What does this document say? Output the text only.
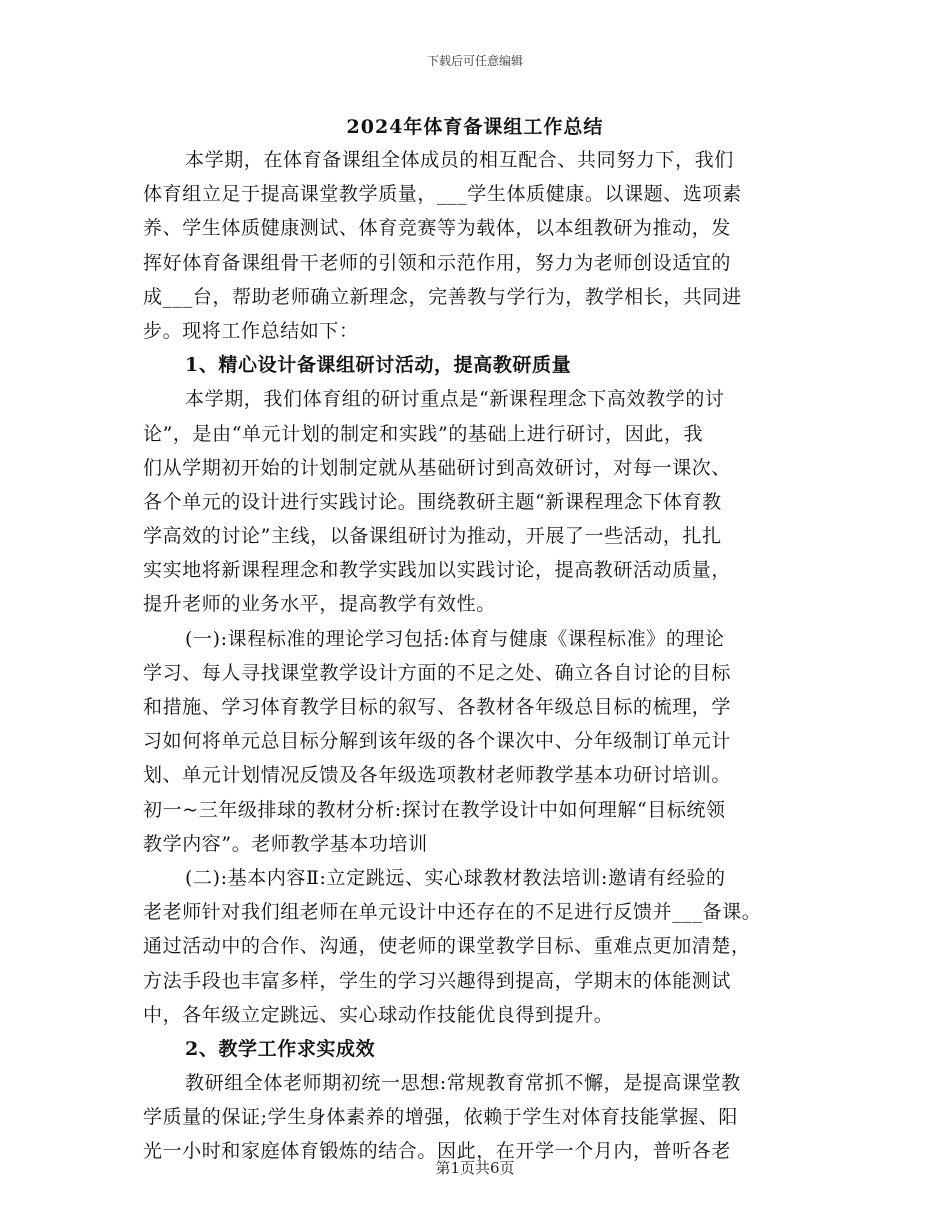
下载后可任意编辑
2024年体育备课组工作总结
本学期，在体育备课组全体成员的相互配合、共同努力下，我们
体育组立足于提高课堂教学质量，___学生体质健康。以课题、选项素
养、学生体质健康测试、体育竞赛等为载体，以本组教研为推动，发
挥好体育备课组骨干老师的引领和示范作用，努力为老师创设适宜的
成___台，帮助老师确立新理念，完善教与学行为，教学相长，共同进
步。现将工作总结如下：
1、精心设计备课组研讨活动，提高教研质量
本学期，我们体育组的研讨重点是“新课程理念下高效教学的讨
论”，是由“单元计划的制定和实践”的基础上进行研讨，因此，我
们从学期初开始的计划制定就从基础研讨到高效研讨，对每一课次、
各个单元的设计进行实践讨论。围绕教研主题“新课程理念下体育教
学高效的讨论”主线，以备课组研讨为推动，开展了一些活动，扎扎
实实地将新课程理念和教学实践加以实践讨论，提高教研活动质量，
提升老师的业务水平，提高教学有效性。
(一):课程标准的理论学习包括:体育与健康《课程标准》的理论
学习、每人寻找课堂教学设计方面的不足之处、确立各自讨论的目标
和措施、学习体育教学目标的叙写、各教材各年级总目标的梳理，学
习如何将单元总目标分解到该年级的各个课次中、分年级制订单元计
划、单元计划情况反馈及各年级选项教材老师教学基本功研讨培训。
初一~三年级排球的教材分析:探讨在教学设计中如何理解“目标统领
教学内容”。老师教学基本功培训
(二):基本内容Ⅱ:立定跳远、实心球教材教法培训:邀请有经验的
老老师针对我们组老师在单元设计中还存在的不足进行反馈并___备课。
通过活动中的合作、沟通，使老师的课堂教学目标、重难点更加清楚，
方法手段也丰富多样，学生的学习兴趣得到提高，学期末的体能测试
中，各年级立定跳远、实心球动作技能优良得到提升。
2、教学工作求实成效
教研组全体老师期初统一思想:常规教育常抓不懈，是提高课堂教
学质量的保证;学生身体素养的增强，依赖于学生对体育技能掌握、阳
光一小时和家庭体育锻炼的结合。因此，在开学一个月内，普听各老
第1页共6页
